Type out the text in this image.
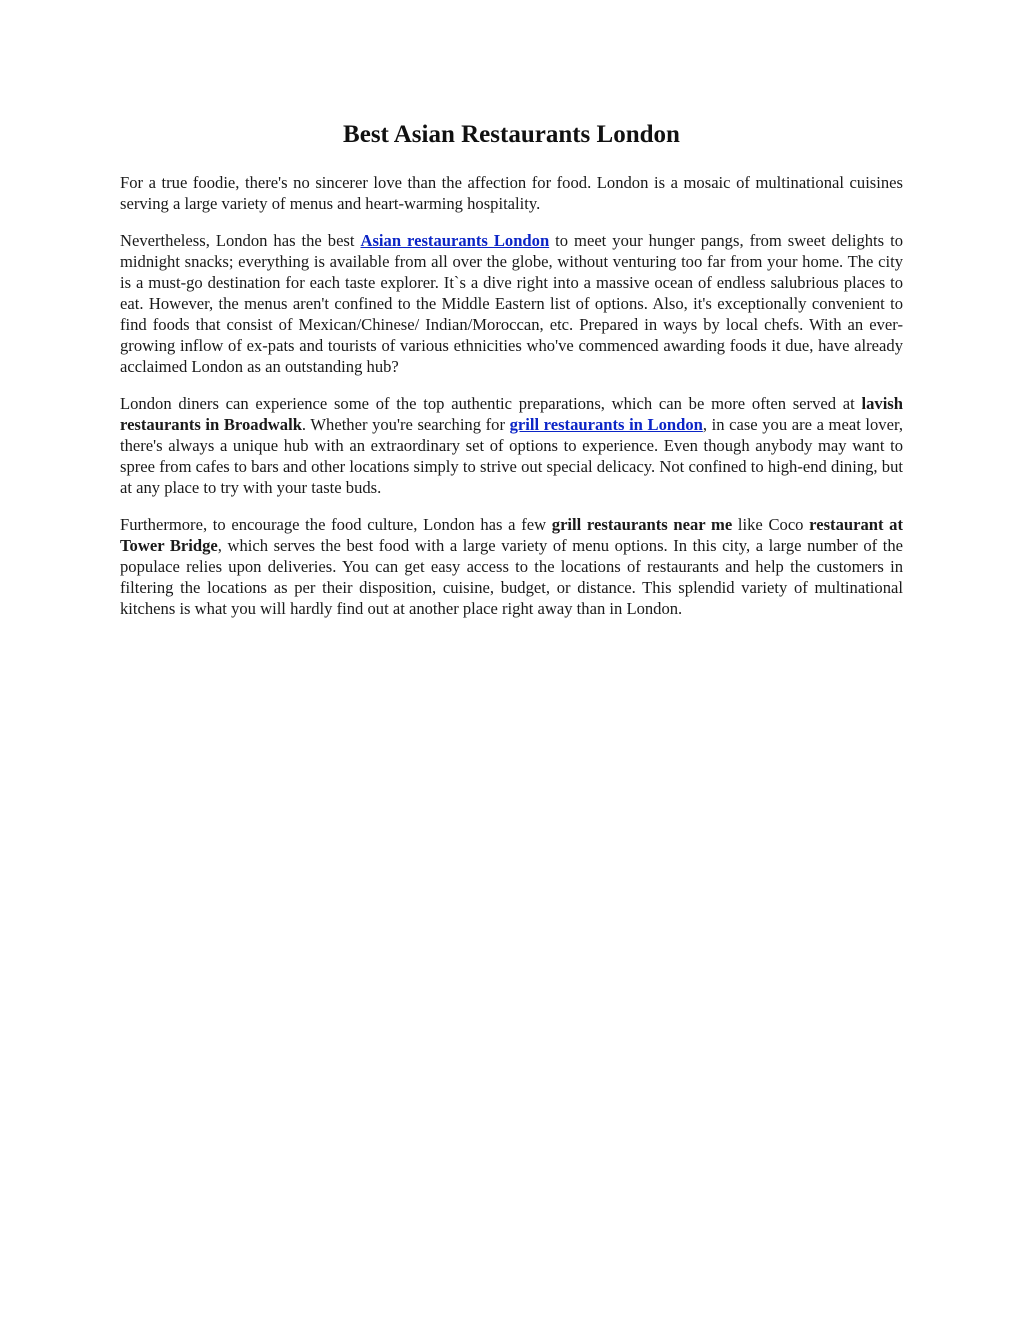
Best Asian Restaurants London

For a true foodie, there's no sincerer love than the affection for food. London is a mosaic of multinational cuisines serving a large variety of menus and heart-warming hospitality.

Nevertheless, London has the best Asian restaurants London to meet your hunger pangs, from sweet delights to midnight snacks; everything is available from all over the globe, without venturing too far from your home. The city is a must-go destination for each taste explorer. It`s a dive right into a massive ocean of endless salubrious places to eat. However, the menus aren't confined to the Middle Eastern list of options. Also, it's exceptionally convenient to find foods that consist of Mexican/Chinese/ Indian/Moroccan, etc. Prepared in ways by local chefs. With an ever-growing inflow of ex-pats and tourists of various ethnicities who've commenced awarding foods it due, have already acclaimed London as an outstanding hub?

London diners can experience some of the top authentic preparations, which can be more often served at lavish restaurants in Broadwalk. Whether you're searching for grill restaurants in London, in case you are a meat lover, there's always a unique hub with an extraordinary set of options to experience. Even though anybody may want to spree from cafes to bars and other locations simply to strive out special delicacy. Not confined to high-end dining, but at any place to try with your taste buds.

Furthermore, to encourage the food culture, London has a few grill restaurants near me like Coco restaurant at Tower Bridge, which serves the best food with a large variety of menu options. In this city, a large number of the populace relies upon deliveries. You can get easy access to the locations of restaurants and help the customers in filtering the locations as per their disposition, cuisine, budget, or distance. This splendid variety of multinational kitchens is what you will hardly find out at another place right away than in London.
